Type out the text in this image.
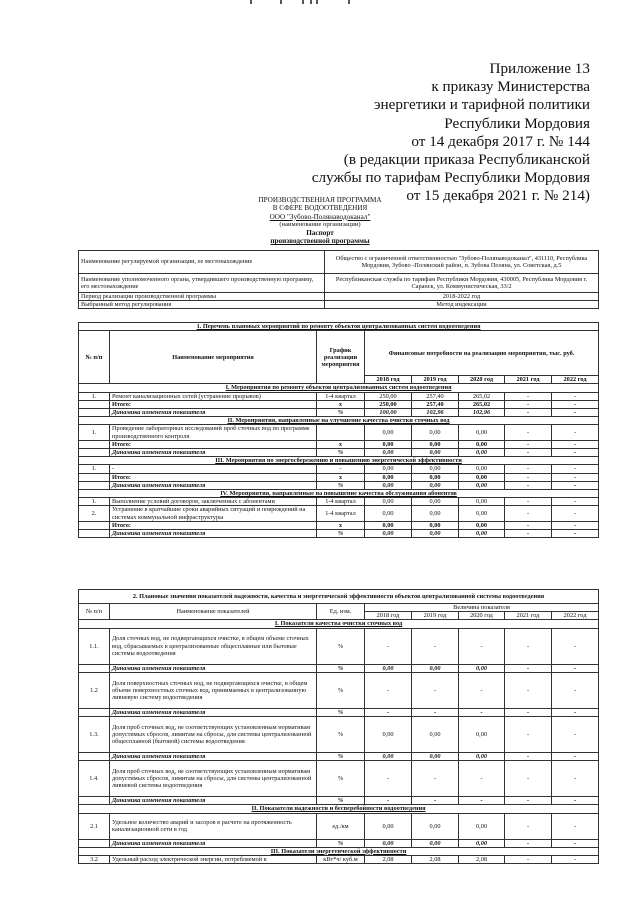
Приложение 13
к приказу Министерства
энергетики и тарифной политики
Республики Мордовия
от 14 декабря 2017 г. № 144
(в редакции приказа Республиканской
службы по тарифам Республики Мордовия
от 15 декабря 2021 г. № 214)
ПРОИЗВОДСТВЕННАЯ ПРОГРАММА
В СФЕРЕ ВОДООТВЕДЕНИЯ
ООО "Зубово-Полянаводоканал"
(наименование организации)
Паспорт
производственной программы
Наименование регулируемой организации, ее местонахождение	Общество с ограниченной ответственностью "Зубово-Полянаводоканал", 431110, Республика Мордовия, Зубово -Полянский район, п. Зубова Поляна, ул. Советская, д.5
Наименование уполномоченного органа, утвердившего производственную программу, его местонахождение	Республиканская служба по тарифам Республики Мордовия, 430005, Республика Мордовия г. Саранск, ул. Коммунистическая, 33/2
Период реализации производственной программы	2018-2022 год
Выбранный метод регулирования	Метод индексации
1. Перечень плановых мероприятий по ремонту объектов централизованных систем водоотведения							
№ п/п	Наименование мероприятия	График реализации мероприятия	Финансовые потребности на реализацию мероприятия, тыс. руб.				
			2018 год	2019 год	2020 год	2021 год	2022 год
I. Мероприятия по ремонту объектов централизованных систем водоотведения							
1.	Ремонт канализационных сетей (устранение прорывов)	1-4 квартал	250,00	257,40	265,02	-	-
	Итого:	х	250,00	257,40	265,02	-	-
	Динамика изменения показателя	%	100,00	102,96	102,96	-	-
II. Мероприятия, направленные на улучшение качества очистки сточных вод							
1.	Проведение лабораторных исследований проб сточных вод по программе производственного контроля		0,00	0,00	0,00	-	-
	Итого:	х	0,00	0,00	0,00	-	-
	Динамика изменения показателя	%	0,00	0,00	0,00	-	-
III. Мероприятия по энергосбережению и повышению энергетической эффективности							
1.	-	-	0,00	0,00	0,00	-	-
	Итого:	х	0,00	0,00	0,00	-	-
	Динамика изменения показателя	%	0,00	0,00	0,00	-	-
IV. Мероприятия, направленные на повышение качества обслуживания абонентов							
1.	Выполнение условий договоров, заключенных с абонентами	1-4 квартал	0,00	0,00	0,00	-	-
2.	Устранение в кратчайшие сроки аварийных ситуаций и повреждений на системах коммунальной инфраструктуры	1-4 квартал	0,00	0,00	0,00	-	-
	Итого:	х	0,00	0,00	0,00	-	-
	Динамика изменения показателя	%	0,00	0,00	0,00	-	-
2. Плановые значения показателей надежности, качества и энергетической эффективности объектов централизованной системы водоотведения							
№ п/п	Наименование показателей	Ед. изм.	Величина показателя				
			2018 год	2019 год	2020 год	2021 год	2022 год
I. Показатели качества очистки сточных вод							
1.1.	Доля сточных вод, не подвергающихся очистке, в общем объеме сточных вод, сбрасываемых в централизованные общесплавные или бытовые системы водоотведения	%	-	-	-	-	-
	Динамика изменения показателя	%	0,00	0,00	0,00	-	-
1.2	Доля поверхностных сточных вод, не подвергающихся очистке, в общем объеме поверхностных сточных вод, принимаемых в централизованную ливневую систему водоотведения	%	-	-	-	-	-
	Динамика изменения показателя	%	-	-	-	-	-
1.3.	Доля проб сточных вод, не соответствующих установленным нормативам допустимых сбросов, лимитам на сбросы, для системы централизованной общесплавной (бытовой) системы водоотведения	%	0,00	0,00	0,00	-	-
	Динамика изменения показателя	%	0,00	0,00	0,00	-	-
1.4.	Доля проб сточных вод, не соответствующих установленным нормативам допустимых сбросов, лимитам на сбросы, для системы централизованной ливневой системы водоотведения	%	-	-	-	-	-
	Динамика изменения показателя	%	-	-	-	-	-
II. Показатели надежности и бесперебойности водоотведения							
2.1	Удельное количество аварий и засоров в расчете на протяженность канализационной сети в год	ед./км	0,00	0,00	0,00	-	-
	Динамика изменения показателя	%	0,00	0,00	0,00	-	-
III. Показатели энергетической эффективности							
3.2	Удельный расход электрической энергии, потребляемой в	кВт*ч/ куб.м	2,08	2,08	2,08	-	-
